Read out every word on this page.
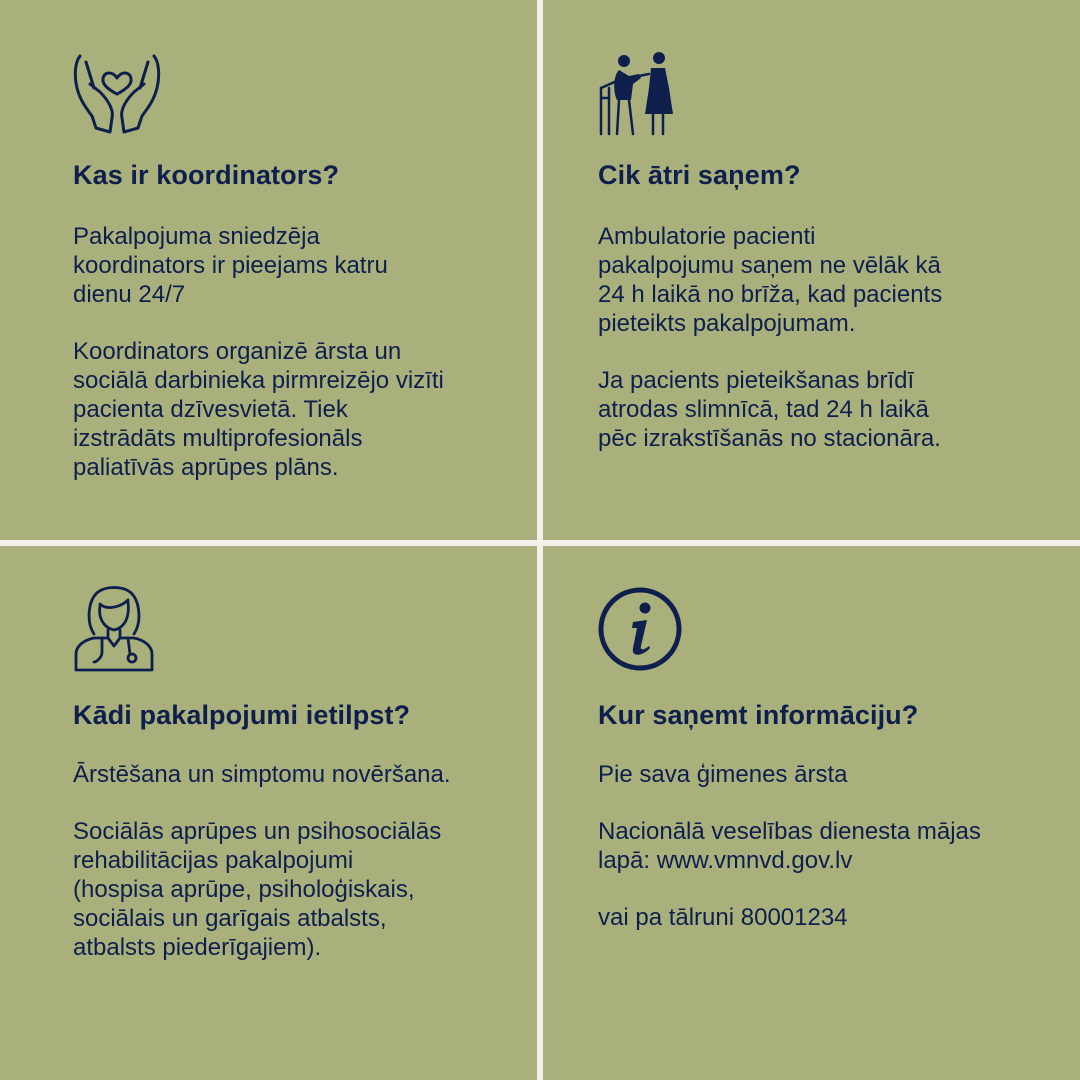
Kas ir koordinators?

Pakalpojuma sniedzēja
koordinators ir pieejams katru
dienu 24/7

Koordinators organizē ārsta un
sociālā darbinieka pirmreizējo vizīti
pacienta dzīvesvietā. Tiek
izstrādāts multiprofesionāls
paliatīvās aprūpes plāns.

Cik ātri saņem?

Ambulatorie pacienti
pakalpojumu saņem ne vēlāk kā
24 h laikā no brīža, kad pacients
pieteikts pakalpojumam.

Ja pacients pieteikšanas brīdī
atrodas slimnīcā, tad 24 h laikā
pēc izrakstīšanās no stacionāra.

Kādi pakalpojumi ietilpst?

Ārstēšana un simptomu novēršana.

Sociālās aprūpes un psihosociālās
rehabilitācijas pakalpojumi
(hospisa aprūpe, psiholoģiskais,
sociālais un garīgais atbalsts,
atbalsts piederīgajiem).

Kur saņemt informāciju?

Pie sava ģimenes ārsta

Nacionālā veselības dienesta mājas
lapā: www.vmnvd.gov.lv

vai pa tālruni 80001234
